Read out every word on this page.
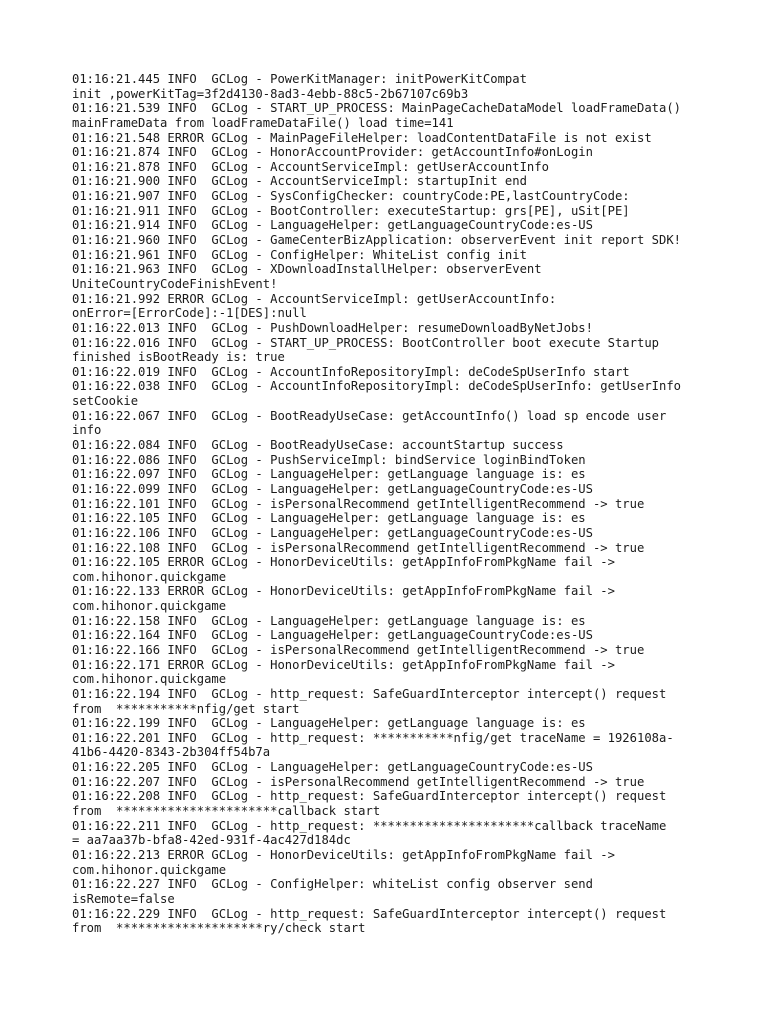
01:16:21.445 INFO  GCLog - PowerKitManager: initPowerKitCompat
init ,powerKitTag=3f2d4130-8ad3-4ebb-88c5-2b67107c69b3
01:16:21.539 INFO  GCLog - START_UP_PROCESS: MainPageCacheDataModel loadFrameData()
mainFrameData from loadFrameDataFile() load time=141
01:16:21.548 ERROR GCLog - MainPageFileHelper: loadContentDataFile is not exist
01:16:21.874 INFO  GCLog - HonorAccountProvider: getAccountInfo#onLogin
01:16:21.878 INFO  GCLog - AccountServiceImpl: getUserAccountInfo
01:16:21.900 INFO  GCLog - AccountServiceImpl: startupInit end
01:16:21.907 INFO  GCLog - SysConfigChecker: countryCode:PE,lastCountryCode:
01:16:21.911 INFO  GCLog - BootController: executeStartup: grs[PE], uSit[PE]
01:16:21.914 INFO  GCLog - LanguageHelper: getLanguageCountryCode:es-US
01:16:21.960 INFO  GCLog - GameCenterBizApplication: observerEvent init report SDK!
01:16:21.961 INFO  GCLog - ConfigHelper: WhiteList config init
01:16:21.963 INFO  GCLog - XDownloadInstallHelper: observerEvent
UniteCountryCodeFinishEvent!
01:16:21.992 ERROR GCLog - AccountServiceImpl: getUserAccountInfo:
onError=[ErrorCode]:-1[DES]:null
01:16:22.013 INFO  GCLog - PushDownloadHelper: resumeDownloadByNetJobs!
01:16:22.016 INFO  GCLog - START_UP_PROCESS: BootController boot execute Startup
finished isBootReady is: true
01:16:22.019 INFO  GCLog - AccountInfoRepositoryImpl: deCodeSpUserInfo start
01:16:22.038 INFO  GCLog - AccountInfoRepositoryImpl: deCodeSpUserInfo: getUserInfo
setCookie
01:16:22.067 INFO  GCLog - BootReadyUseCase: getAccountInfo() load sp encode user
info
01:16:22.084 INFO  GCLog - BootReadyUseCase: accountStartup success
01:16:22.086 INFO  GCLog - PushServiceImpl: bindService loginBindToken
01:16:22.097 INFO  GCLog - LanguageHelper: getLanguage language is: es
01:16:22.099 INFO  GCLog - LanguageHelper: getLanguageCountryCode:es-US
01:16:22.101 INFO  GCLog - isPersonalRecommend getIntelligentRecommend -> true
01:16:22.105 INFO  GCLog - LanguageHelper: getLanguage language is: es
01:16:22.106 INFO  GCLog - LanguageHelper: getLanguageCountryCode:es-US
01:16:22.108 INFO  GCLog - isPersonalRecommend getIntelligentRecommend -> true
01:16:22.105 ERROR GCLog - HonorDeviceUtils: getAppInfoFromPkgName fail ->
com.hihonor.quickgame
01:16:22.133 ERROR GCLog - HonorDeviceUtils: getAppInfoFromPkgName fail ->
com.hihonor.quickgame
01:16:22.158 INFO  GCLog - LanguageHelper: getLanguage language is: es
01:16:22.164 INFO  GCLog - LanguageHelper: getLanguageCountryCode:es-US
01:16:22.166 INFO  GCLog - isPersonalRecommend getIntelligentRecommend -> true
01:16:22.171 ERROR GCLog - HonorDeviceUtils: getAppInfoFromPkgName fail ->
com.hihonor.quickgame
01:16:22.194 INFO  GCLog - http_request: SafeGuardInterceptor intercept() request
from  ***********nfig/get start
01:16:22.199 INFO  GCLog - LanguageHelper: getLanguage language is: es
01:16:22.201 INFO  GCLog - http_request: ***********nfig/get traceName = 1926108a-
41b6-4420-8343-2b304ff54b7a
01:16:22.205 INFO  GCLog - LanguageHelper: getLanguageCountryCode:es-US
01:16:22.207 INFO  GCLog - isPersonalRecommend getIntelligentRecommend -> true
01:16:22.208 INFO  GCLog - http_request: SafeGuardInterceptor intercept() request
from  **********************callback start
01:16:22.211 INFO  GCLog - http_request: **********************callback traceName
= aa7aa37b-bfa8-42ed-931f-4ac427d184dc
01:16:22.213 ERROR GCLog - HonorDeviceUtils: getAppInfoFromPkgName fail ->
com.hihonor.quickgame
01:16:22.227 INFO  GCLog - ConfigHelper: whiteList config observer send
isRemote=false
01:16:22.229 INFO  GCLog - http_request: SafeGuardInterceptor intercept() request
from  ********************ry/check start
